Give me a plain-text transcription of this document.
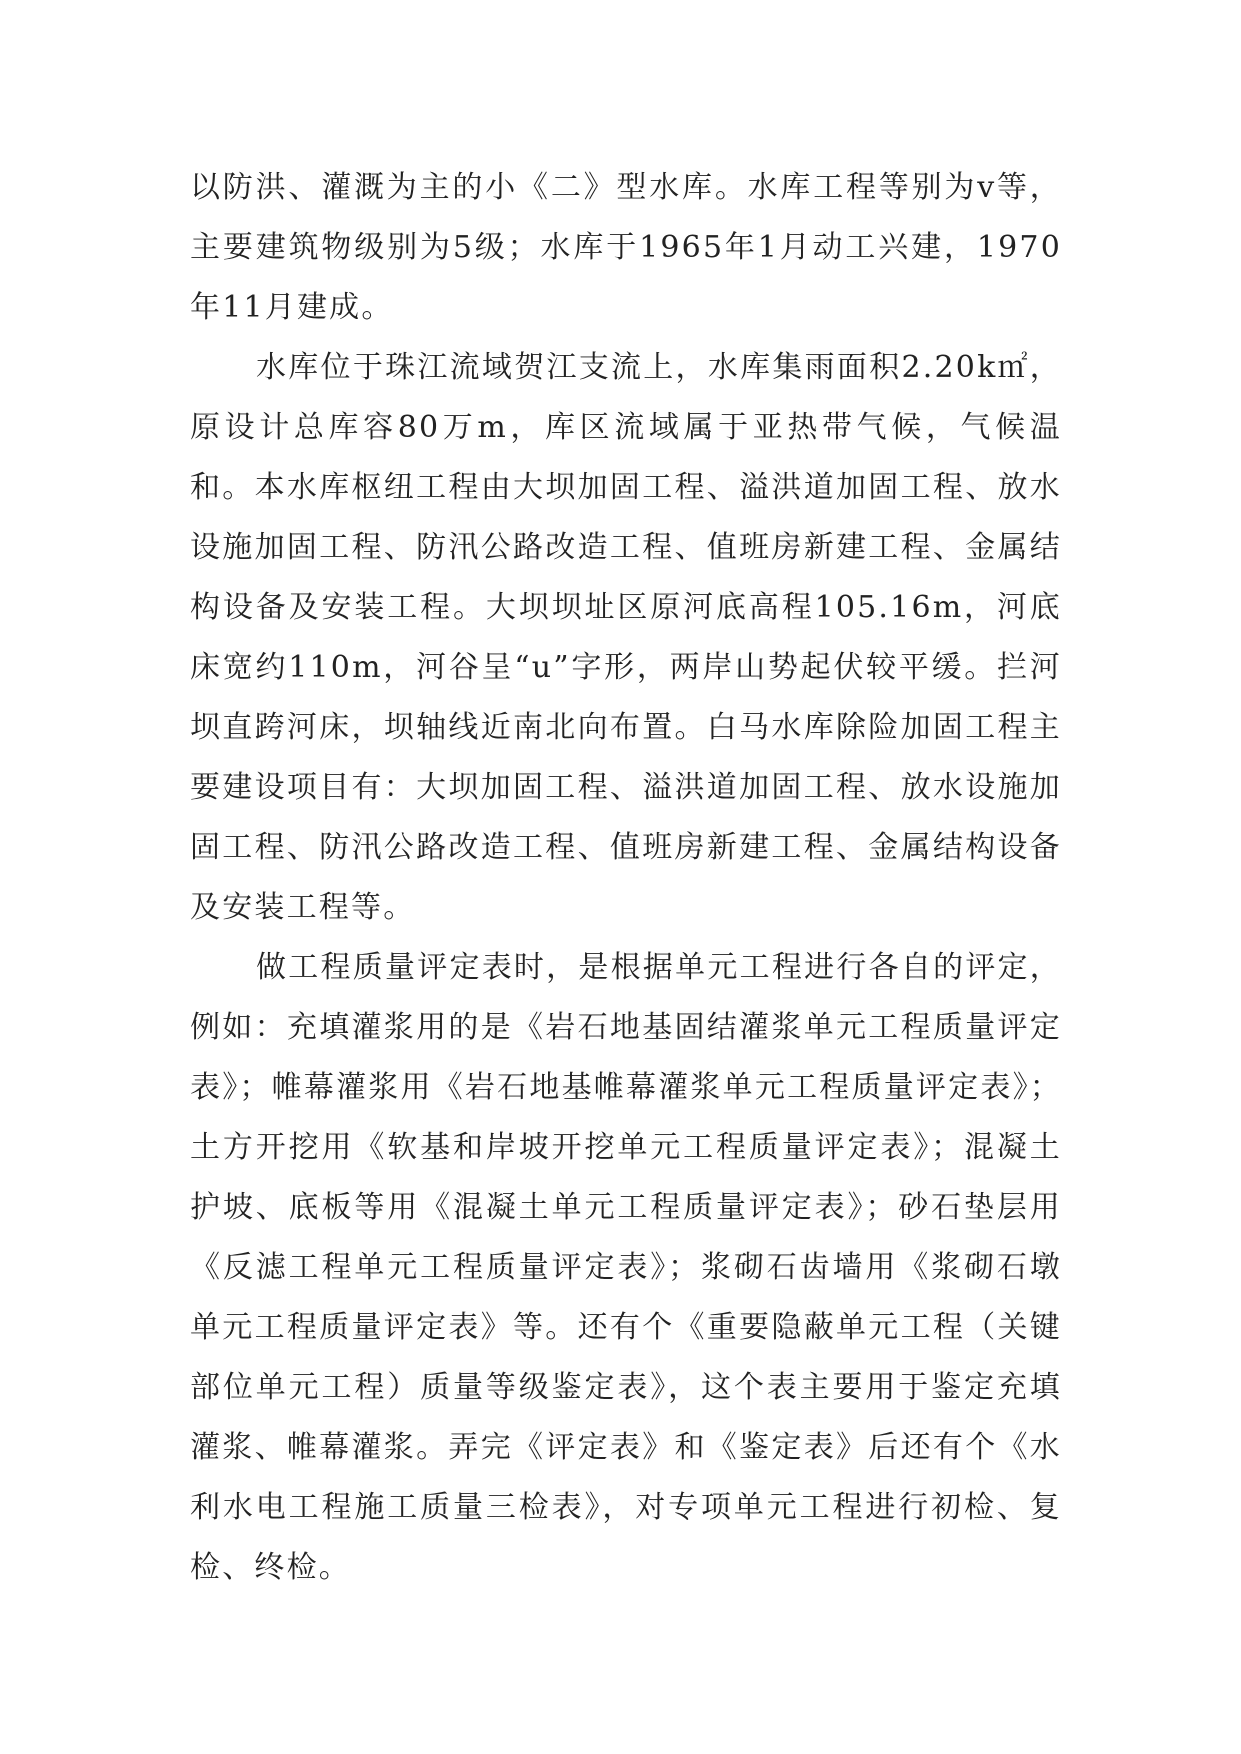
以防洪、灌溉为主的小《二》型水库。水库工程等别为ⅴ等，主要建筑物级别为5级；水库于1965年1月动工兴建，1970年11月建成。

水库位于珠江流域贺江支流上，水库集雨面积2.20k㎡，原设计总库容80万m，库区流域属于亚热带气候，气候温和。本水库枢纽工程由大坝加固工程、溢洪道加固工程、放水设施加固工程、防汛公路改造工程、值班房新建工程、金属结构设备及安装工程。大坝坝址区原河底高程105.16m，河底床宽约110m，河谷呈“u”字形，两岸山势起伏较平缓。拦河坝直跨河床，坝轴线近南北向布置。白马水库除险加固工程主要建设项目有：大坝加固工程、溢洪道加固工程、放水设施加固工程、防汛公路改造工程、值班房新建工程、金属结构设备及安装工程等。

做工程质量评定表时，是根据单元工程进行各自的评定，例如：充填灌浆用的是《岩石地基固结灌浆单元工程质量评定表》；帷幕灌浆用《岩石地基帷幕灌浆单元工程质量评定表》；土方开挖用《软基和岸坡开挖单元工程质量评定表》；混凝土护坡、底板等用《混凝土单元工程质量评定表》；砂石垫层用《反滤工程单元工程质量评定表》；浆砌石齿墙用《浆砌石墩单元工程质量评定表》等。还有个《重要隐蔽单元工程（关键部位单元工程）质量等级鉴定表》，这个表主要用于鉴定充填灌浆、帷幕灌浆。弄完《评定表》和《鉴定表》后还有个《水利水电工程施工质量三检表》，对专项单元工程进行初检、复检、终检。
